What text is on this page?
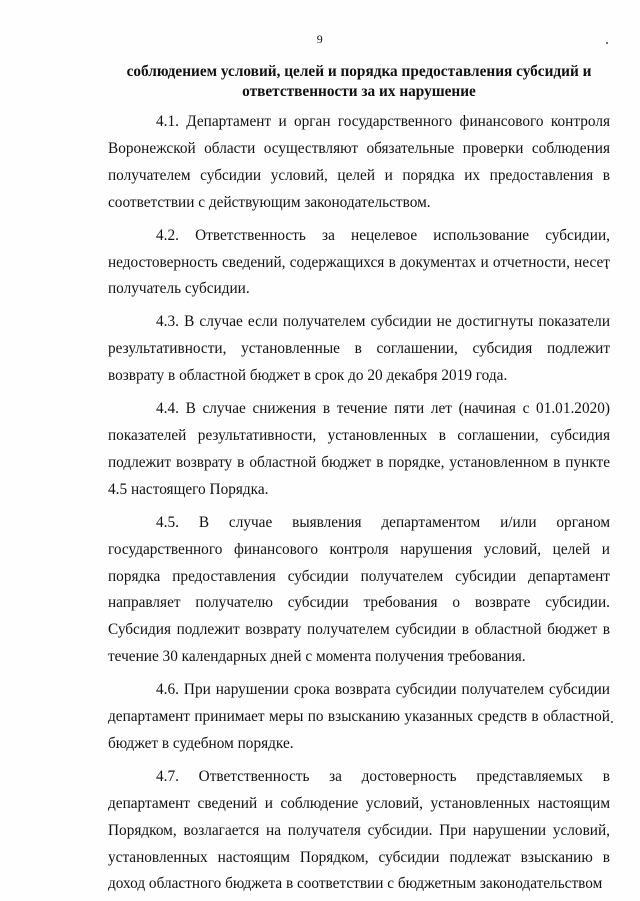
9
соблюдением условий, целей и порядка предоставления субсидий и
ответственности за их нарушение

4.1. Департамент и орган государственного финансового контроля Воронежской области осуществляют обязательные проверки соблюдения получателем субсидии условий, целей и порядка их предоставления в соответствии с действующим законодательством.

4.2. Ответственность за нецелевое использование субсидии, недостоверность сведений, содержащихся в документах и отчетности, несет получатель субсидии.

4.3. В случае если получателем субсидии не достигнуты показатели результативности, установленные в соглашении, субсидия подлежит возврату в областной бюджет в срок до 20 декабря 2019 года.

4.4. В случае снижения в течение пяти лет (начиная с 01.01.2020) показателей результативности, установленных в соглашении, субсидия подлежит возврату в областной бюджет в порядке, установленном в пункте 4.5 настоящего Порядка.

4.5. В случае выявления департаментом и/или органом государственного финансового контроля нарушения условий, целей и порядка предоставления субсидии получателем субсидии департамент направляет получателю субсидии требования о возврате субсидии. Субсидия подлежит возврату получателем субсидии в областной бюджет в течение 30 календарных дней с момента получения требования.

4.6. При нарушении срока возврата субсидии получателем субсидии департамент принимает меры по взысканию указанных средств в областной бюджет в судебном порядке.

4.7. Ответственность за достоверность представляемых в департамент сведений и соблюдение условий, установленных настоящим Порядком, возлагается на получателя субсидии. При нарушении условий, установленных настоящим Порядком, субсидии подлежат взысканию в доход областного бюджета в соответствии с бюджетным законодательством
